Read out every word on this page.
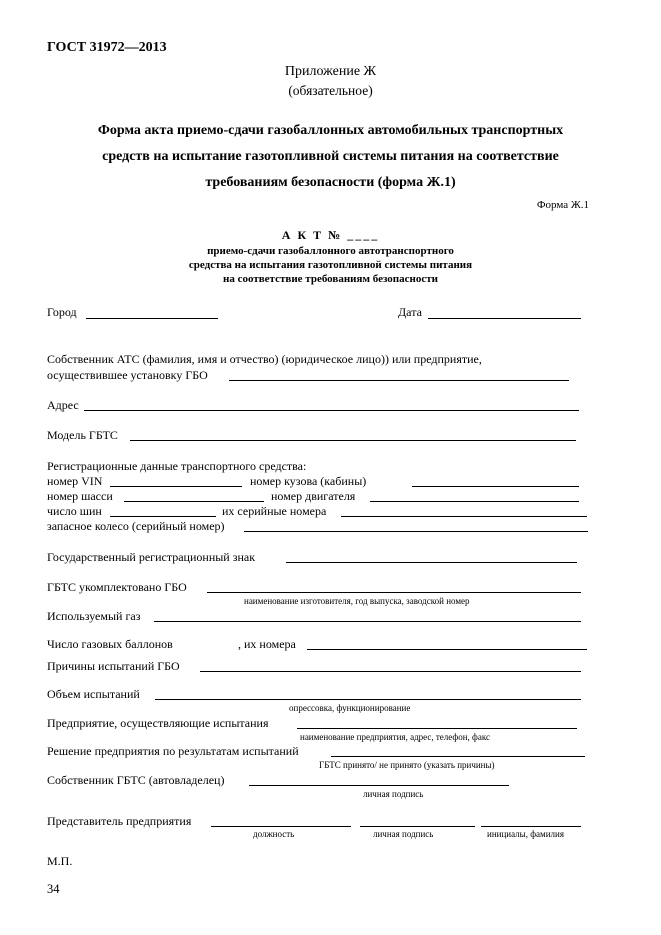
ГОСТ 31972—2013
Приложение Ж
(обязательное)
Форма акта приемо-сдачи газобаллонных автомобильных транспортных
средств на испытание газотопливной системы питания на соответствие
требованиям безопасности (форма Ж.1)
Форма Ж.1
А К Т № ____
приемо-сдачи газобаллонного автотранспортного
средства на испытания газотопливной системы питания
на соответствие требованиям безопасности
Город	Дата
Собственник АТС (фамилия, имя и отчество) (юридическое лицо)) или предприятие,
осуществившее установку ГБО
Адрес
Модель ГБТС
Регистрационные данные транспортного средства:
номер VIN	номер кузова (кабины)
номер шасси	номер двигателя
число шин	их серийные номера
запасное колесо (серийный номер)
Государственный регистрационный знак
ГБТС укомплектовано ГБО
наименование изготовителя, год выпуска, заводской номер
Используемый газ
Число газовых баллонов	, их номера
Причины испытаний ГБО
Объем испытаний
опрессовка, функционирование
Предприятие, осуществляющие испытания
наименование предприятия, адрес, телефон, факс
Решение предприятия по результатам испытаний
ГБТС принято/ не принято (указать причины)
Собственник ГБТС (автовладелец)
личная подпись
Представитель предприятия
должность	личная подпись	инициалы, фамилия
М.П.
34
